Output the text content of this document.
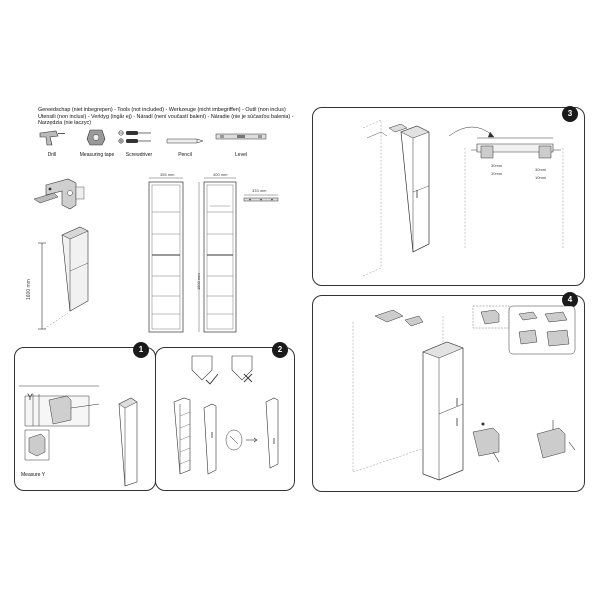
Gereedschap (niet inbegrepen) - Tools (not included) - Werkzeuge (nicht imbegriffen) - Outil (non inclus)
Utensili (non inclusi) - Verktyg (ingår ej) - Náradí (není vouĉastí balení) - Náradie (nie je súčasťou balenia) -
Narzędzia (nie łaczyc)
Drill	Measuring tape	Screwdriver	Pencil	Level
1600 mm
355 mm	400 mm
1800 mm
333 mm
1
Y
Measure Y
2
3
30mm
10mm
30mm
10mm
4
